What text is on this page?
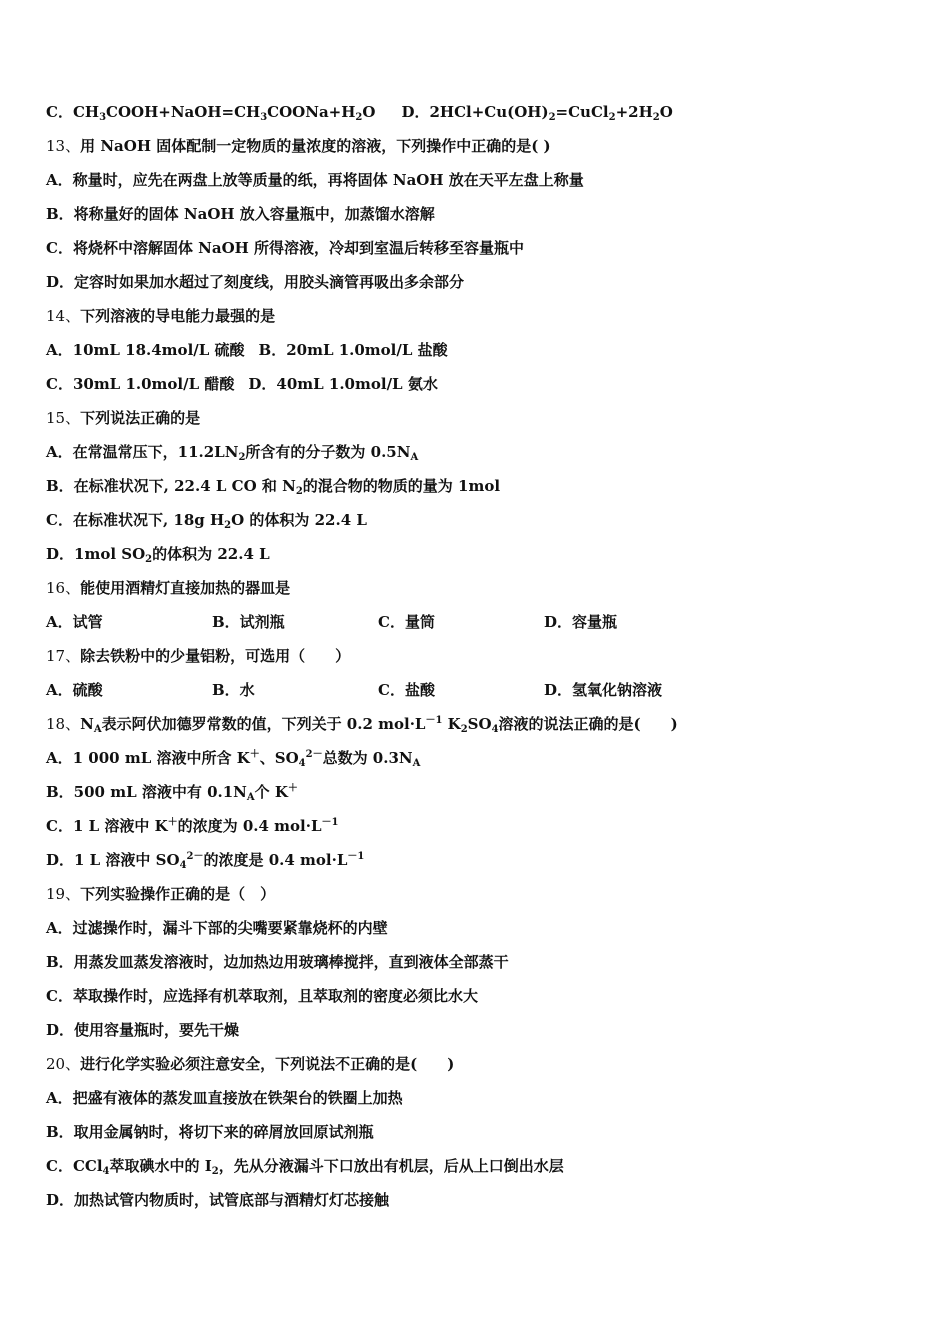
C．$CH_3COOH+NaOH=CH_3COONa+H_2O$ D．$2HCl+Cu(OH)_2=CuCl_2+2H_2O$
13、用 NaOH 固体配制一定物质的量浓度的溶液，下列操作中正确的是( )
A．称量时，应先在两盘上放等质量的纸，再将固体 NaOH 放在天平左盘上称量
B．将称量好的固体 NaOH 放入容量瓶中，加蒸馏水溶解
C．将烧杯中溶解固体 NaOH 所得溶液，冷却到室温后转移至容量瓶中
D．定容时如果加水超过了刻度线，用胶头滴管再吸出多余部分
14、下列溶液的导电能力最强的是
A．10mL 18.4mol/L 硫酸 B．20mL 1.0mol/L 盐酸
C．30mL 1.0mol/L 醋酸 D．40mL 1.0mol/L 氨水
15、下列说法正确的是
A．在常温常压下，$11.2LN_2$所含有的分子数为 $0.5N_A$
B．在标准状况下, 22.4 L CO 和 $N_2$的混合物的物质的量为 1mol
C．在标准状况下, 18g $H_2O$ 的体积为 22.4 L
D．1mol $SO_2$的体积为 22.4 L
16、能使用酒精灯直接加热的器皿是
A．试管	B．试剂瓶	C．量筒	D．容量瓶
17、除去铁粉中的少量铝粉，可选用（　　）
A．硫酸	B．水	C．盐酸	D．氢氧化钠溶液
18、$N_A$表示阿伏加德罗常数的值，下列关于 0.2 $mol\cdot L^{-1}$ $K_2SO_4$溶液的说法正确的是(　　)
A．1 000 mL 溶液中所含 K＋、$SO_4^{2-}$总数为 $0.3N_A$
B．500 mL 溶液中有 $0.1N_A$个 K＋
C．1 L 溶液中 K＋的浓度为 0.4 $mol\cdot L^{-1}$
D．1 L 溶液中 $SO_4^{2-}$的浓度是 0.4 $mol\cdot L^{-1}$
19、下列实验操作正确的是（　）
A．过滤操作时，漏斗下部的尖嘴要紧靠烧杯的内壁
B．用蒸发皿蒸发溶液时，边加热边用玻璃棒搅拌，直到液体全部蒸干
C．萃取操作时，应选择有机萃取剂，且萃取剂的密度必须比水大
D．使用容量瓶时，要先干燥
20、进行化学实验必须注意安全，下列说法不正确的是(　　)
A．把盛有液体的蒸发皿直接放在铁架台的铁圈上加热
B．取用金属钠时，将切下来的碎屑放回原试剂瓶
C．CCl$_4$萃取碘水中的 $I_2$，先从分液漏斗下口放出有机层，后从上口倒出水层
D．加热试管内物质时，试管底部与酒精灯灯芯接触
